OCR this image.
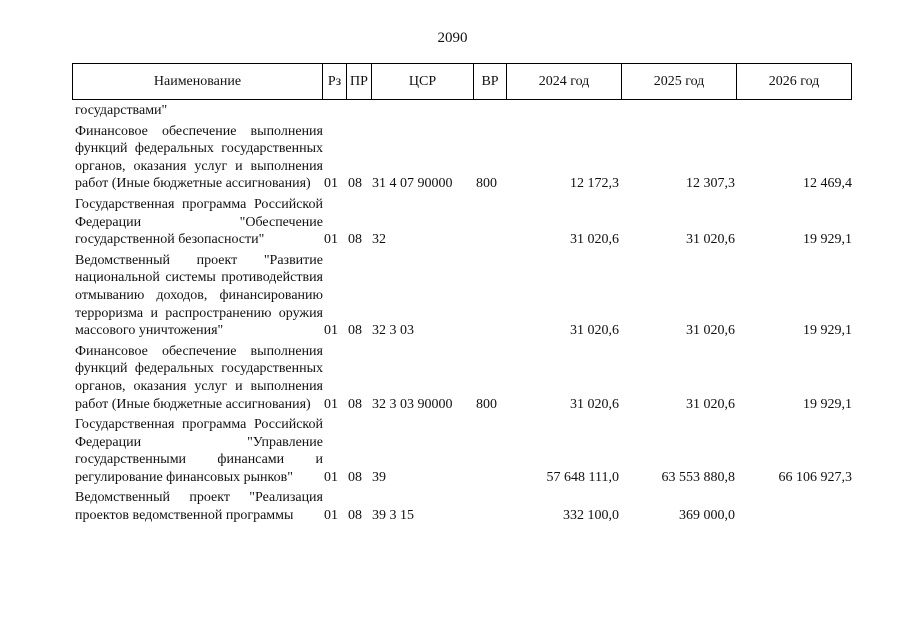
2090
Наименование	Рз ПР	ЦСР	ВР	2024 год	2025 год	2026 год
государствами"
Финансовое обеспечение выполнения функций федеральных государственных органов, оказания услуг и выполнения работ (Иные бюджетные ассигнования) 01 08 31 4 07 90000 800	12 172,3	12 307,3	12 469,4
Государственная программа Российской Федерации "Обеспечение государственной безопасности"	01 08 32	31 020,6	31 020,6	19 929,1
Ведомственный проект "Развитие национальной системы противодействия отмыванию доходов, финансированию терроризма и распространению оружия массового уничтожения"	01 08 32 3 03	31 020,6	31 020,6	19 929,1
Финансовое обеспечение выполнения функций федеральных государственных органов, оказания услуг и выполнения работ (Иные бюджетные ассигнования) 01 08 32 3 03 90000 800	31 020,6	31 020,6	19 929,1
Государственная программа Российской Федерации "Управление государственными финансами и регулирование финансовых рынков"	01 08 39	57 648 111,0	63 553 880,8	66 106 927,3
Ведомственный проект "Реализация проектов ведомственной программы	01 08 39 3 15	332 100,0	369 000,0
